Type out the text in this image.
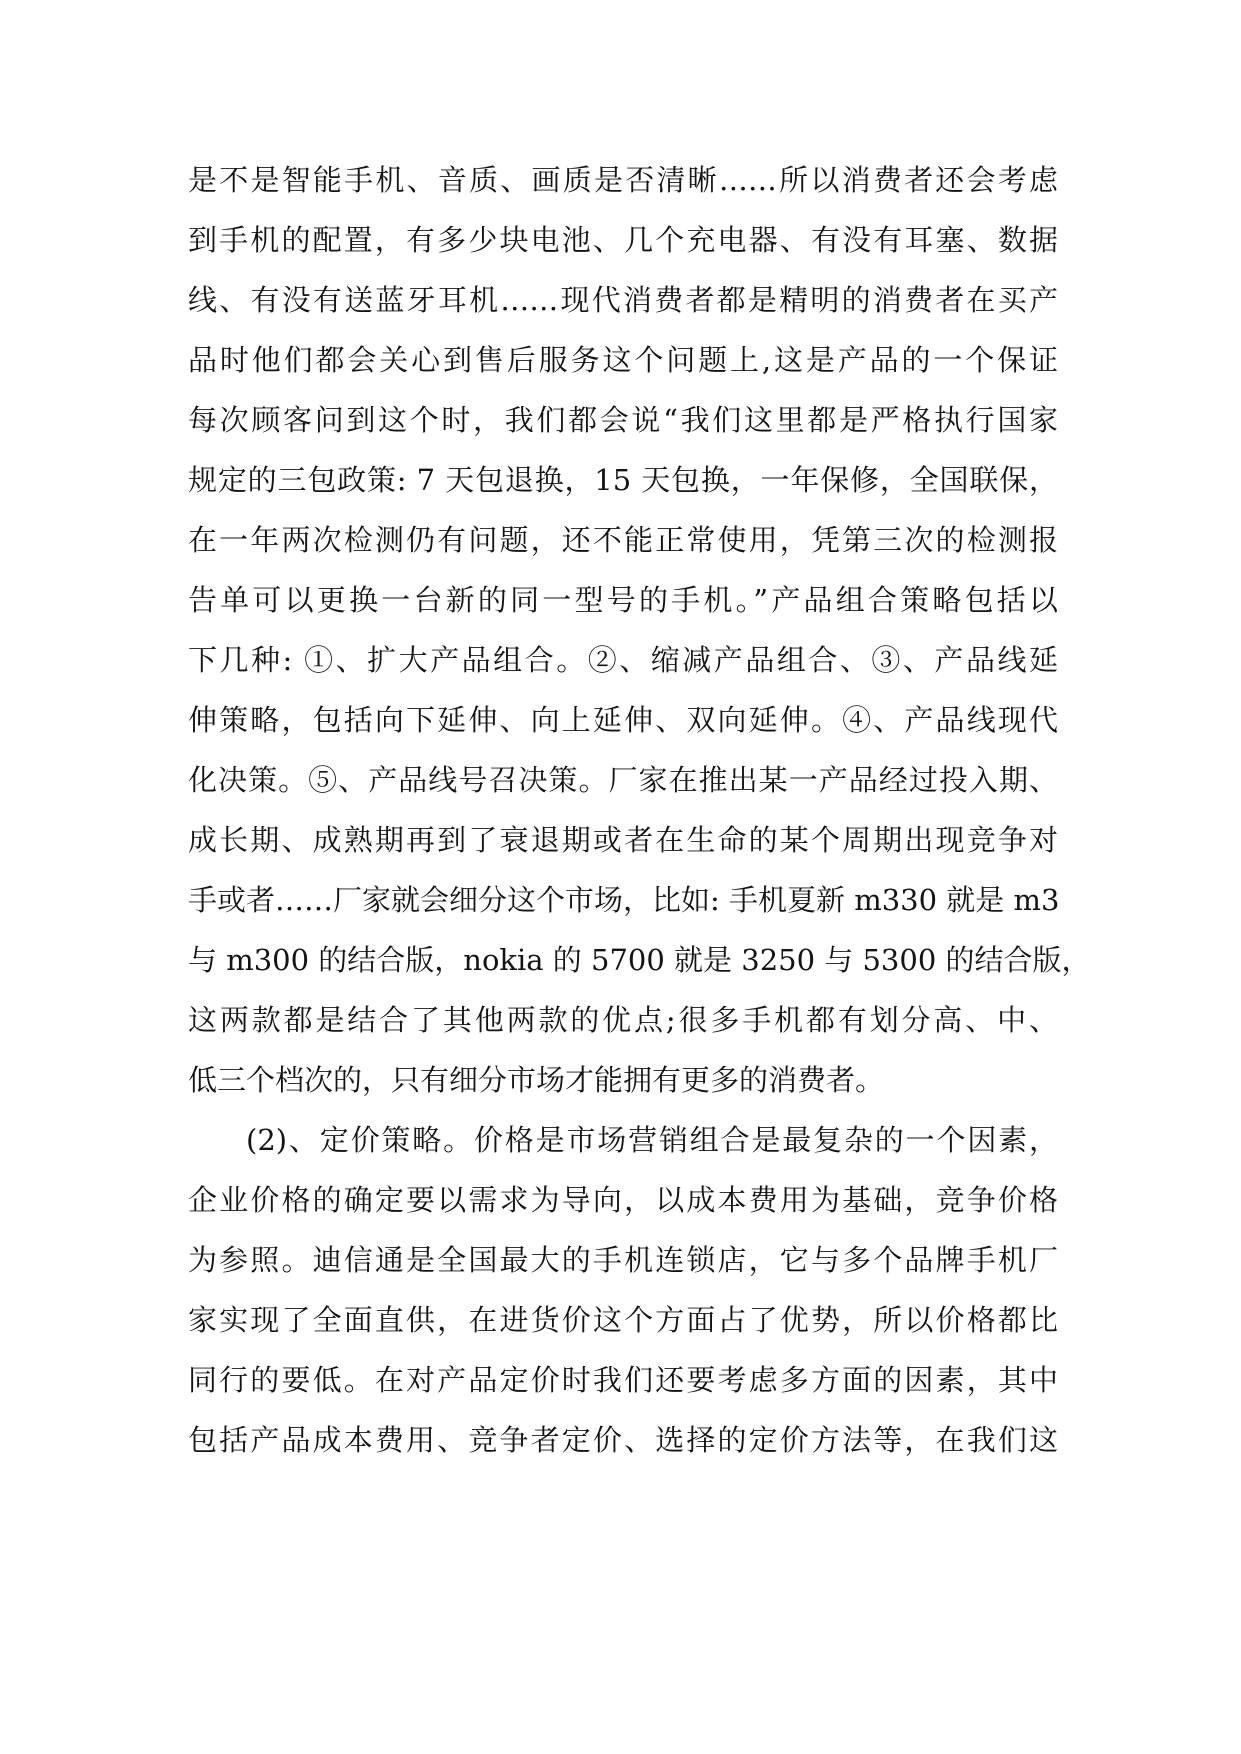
是不是智能手机、音质、画质是否清晰……所以消费者还会考虑
到手机的配置，有多少块电池、几个充电器、有没有耳塞、数据
线、有没有送蓝牙耳机……现代消费者都是精明的消费者在买产
品时他们都会关心到售后服务这个问题上,这是产品的一个保证
每次顾客问到这个时，我们都会说“我们这里都是严格执行国家
规定的三包政策: 7 天包退换，15 天包换，一年保修，全国联保，
在一年两次检测仍有问题，还不能正常使用，凭第三次的检测报
告单可以更换一台新的同一型号的手机。”产品组合策略包括以
下几种: ①、扩大产品组合。②、缩减产品组合、③、产品线延
伸策略，包括向下延伸、向上延伸、双向延伸。④、产品线现代
化决策。⑤、产品线号召决策。厂家在推出某一产品经过投入期、
成长期、成熟期再到了衰退期或者在生命的某个周期出现竞争对
手或者……厂家就会细分这个市场，比如: 手机夏新 m330 就是 m3
与 m300 的结合版，nokia 的 5700 就是 3250 与 5300 的结合版，
这两款都是结合了其他两款的优点;很多手机都有划分高、中、
低三个档次的，只有细分市场才能拥有更多的消费者。
(2)、定价策略。价格是市场营销组合是最复杂的一个因素，
企业价格的确定要以需求为导向，以成本费用为基础，竞争价格
为参照。迪信通是全国最大的手机连锁店，它与多个品牌手机厂
家实现了全面直供，在进货价这个方面占了优势，所以价格都比
同行的要低。在对产品定价时我们还要考虑多方面的因素，其中
包括产品成本费用、竞争者定价、选择的定价方法等，在我们这
